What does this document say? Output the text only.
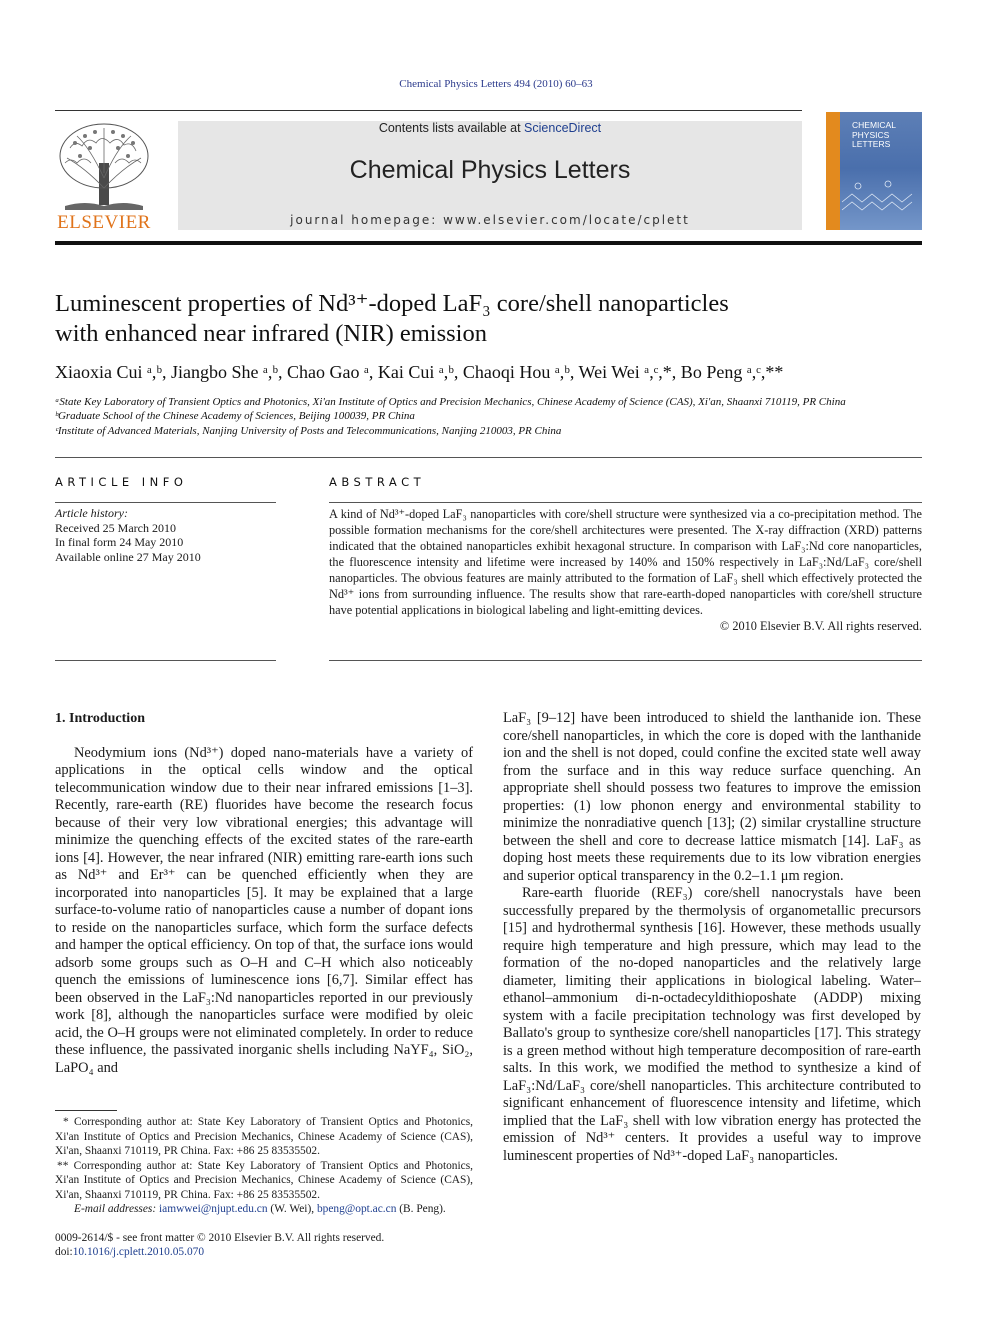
Chemical Physics Letters 494 (2010) 60–63
ELSEVIER
Contents lists available at ScienceDirect
Chemical Physics Letters
journal homepage: www.elsevier.com/locate/cplett
CHEMICAL
PHYSICS
LETTERS
Luminescent properties of Nd³⁺-doped LaF₃ core/shell nanoparticles
with enhanced near infrared (NIR) emission
Xiaoxia Cui ᵃ,ᵇ, Jiangbo She ᵃ,ᵇ, Chao Gao ᵃ, Kai Cui ᵃ,ᵇ, Chaoqi Hou ᵃ,ᵇ, Wei Wei ᵃ,ᶜ,*, Bo Peng ᵃ,ᶜ,**
ᵃState Key Laboratory of Transient Optics and Photonics, Xi'an Institute of Optics and Precision Mechanics, Chinese Academy of Science (CAS), Xi'an, Shaanxi 710119, PR China
ᵇGraduate School of the Chinese Academy of Sciences, Beijing 100039, PR China
ᶜInstitute of Advanced Materials, Nanjing University of Posts and Telecommunications, Nanjing 210003, PR China
ARTICLE INFO
Article history:
Received 25 March 2010
In final form 24 May 2010
Available online 27 May 2010
ABSTRACT
A kind of Nd³⁺-doped LaF₃ nanoparticles with core/shell structure were synthesized via a co-precipitation method. The possible formation mechanisms for the core/shell architectures were presented. The X-ray diffraction (XRD) patterns indicated that the obtained nanoparticles exhibit hexagonal structure. In comparison with LaF₃:Nd core nanoparticles, the fluorescence intensity and lifetime were increased by 140% and 150% respectively in LaF₃:Nd/LaF₃ core/shell nanoparticles. The obvious features are mainly attributed to the formation of LaF₃ shell which effectively protected the Nd³⁺ ions from surrounding influence. The results show that rare-earth-doped nanoparticles with core/shell structure have potential applications in biological labeling and light-emitting devices.
© 2010 Elsevier B.V. All rights reserved.
1. Introduction

Neodymium ions (Nd³⁺) doped nano-materials have a variety of applications in the optical cells window and the optical telecommunication window due to their near infrared emissions [1–3]. Recently, rare-earth (RE) fluorides have become the research focus because of their very low vibrational energies; this advantage will minimize the quenching effects of the excited states of the rare-earth ions [4]. However, the near infrared (NIR) emitting rare-earth ions such as Nd³⁺ and Er³⁺ can be quenched efficiently when they are incorporated into nanoparticles [5]. It may be explained that a large surface-to-volume ratio of nanoparticles cause a number of dopant ions to reside on the nanoparticles surface, which form the surface defects and hamper the optical efficiency. On top of that, the surface ions would adsorb some groups such as O–H and C–H which also noticeably quench the emissions of luminescence ions [6,7]. Similar effect has been observed in the LaF₃:Nd nanoparticles reported in our previously work [8], although the nanoparticles surface were modified by oleic acid, the O–H groups were not eliminated completely. In order to reduce these influence, the passivated inorganic shells including NaYF₄, SiO₂, LaPO₄ and

* Corresponding author at: State Key Laboratory of Transient Optics and Photonics, Xi'an Institute of Optics and Precision Mechanics, Chinese Academy of Science (CAS), Xi'an, Shaanxi 710119, PR China. Fax: +86 25 83535502.
** Corresponding author at: State Key Laboratory of Transient Optics and Photonics, Xi'an Institute of Optics and Precision Mechanics, Chinese Academy of Science (CAS), Xi'an, Shaanxi 710119, PR China. Fax: +86 25 83535502.
E-mail addresses: iamwwei@njupt.edu.cn (W. Wei), bpeng@opt.ac.cn (B. Peng).
0009-2614/$ - see front matter © 2010 Elsevier B.V. All rights reserved.
doi:10.1016/j.cplett.2010.05.070

LaF₃ [9–12] have been introduced to shield the lanthanide ion. These core/shell nanoparticles, in which the core is doped with the lanthanide ion and the shell is not doped, could confine the excited state well away from the surface and in this way reduce surface quenching. An appropriate shell should possess two features to improve the emission properties: (1) low phonon energy and environmental stability to minimize the nonradiative quench [13]; (2) similar crystalline structure between the shell and core to decrease lattice mismatch [14]. LaF₃ as doping host meets these requirements due to its low vibration energies and superior optical transparency in the 0.2–1.1 μm region.

Rare-earth fluoride (REF₃) core/shell nanocrystals have been successfully prepared by the thermolysis of organometallic precursors [15] and hydrothermal synthesis [16]. However, these methods usually require high temperature and high pressure, which may lead to the formation of the no-doped nanoparticles and the relatively large diameter, limiting their applications in biological labeling. Water–ethanol–ammonium di-n-octadecyldithioposhate (ADDP) mixing system with a facile precipitation technology was first developed by Ballato's group to synthesize core/shell nanoparticles [17]. This strategy is a green method without high temperature decomposition of rare-earth salts. In this work, we modified the method to synthesize a kind of LaF₃:Nd/LaF₃ core/shell nanoparticles. This architecture contributed to significant enhancement of fluorescence intensity and lifetime, which implied that the LaF₃ shell with low vibration energy has protected the emission of Nd³⁺ centers. It provides a useful way to improve luminescent properties of Nd³⁺-doped LaF₃ nanoparticles.
